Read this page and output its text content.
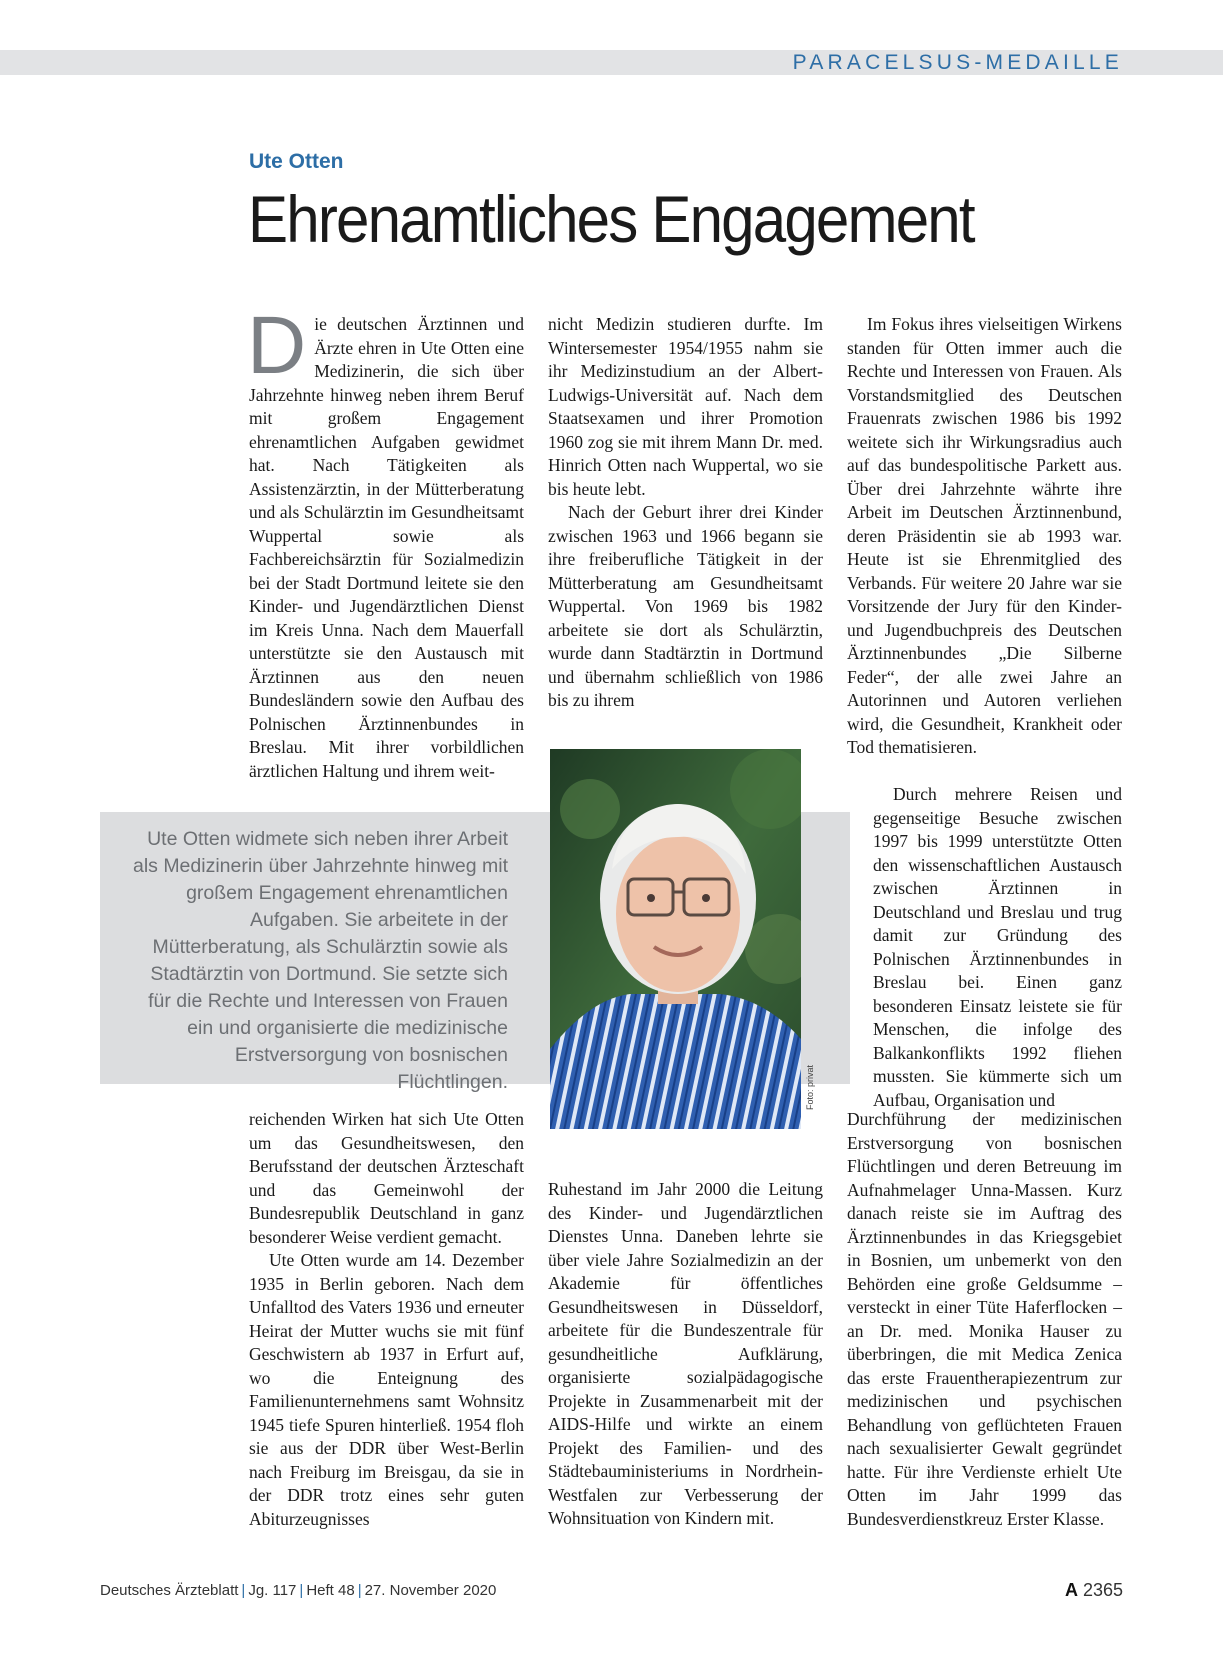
PARACELSUS-MEDAILLE
Ute Otten
Ehrenamtliches Engagement

Die deutschen Ärztinnen und Ärzte ehren in Ute Otten eine Medizinerin, die sich über Jahrzehnte hinweg neben ihrem Beruf mit großem Engagement ehrenamtlichen Aufgaben gewidmet hat. Nach Tätigkeiten als Assistenzärztin, in der Mütterberatung und als Schulärztin im Gesundheitsamt Wuppertal sowie als Fachbereichsärztin für Sozialmedizin bei der Stadt Dortmund leitete sie den Kinder- und Jugendärztlichen Dienst im Kreis Unna. Nach dem Mauerfall unterstützte sie den Austausch mit Ärztinnen aus den neuen Bundesländern sowie den Aufbau des Polnischen Ärztinnenbundes in Breslau. Mit ihrer vorbildlichen ärztlichen Haltung und ihrem weit-

reichenden Wirken hat sich Ute Otten um das Gesundheitswesen, den Berufsstand der deutschen Ärzteschaft und das Gemeinwohl der Bundesrepublik Deutschland in ganz besonderer Weise verdient gemacht.

Ute Otten wurde am 14. Dezember 1935 in Berlin geboren. Nach dem Unfalltod des Vaters 1936 und erneuter Heirat der Mutter wuchs sie mit fünf Geschwistern ab 1937 in Erfurt auf, wo die Enteignung des Familienunternehmens samt Wohnsitz 1945 tiefe Spuren hinterließ. 1954 floh sie aus der DDR über West-Berlin nach Freiburg im Breisgau, da sie in der DDR trotz eines sehr guten Abiturzeugnisses

nicht Medizin studieren durfte. Im Wintersemester 1954/1955 nahm sie ihr Medizinstudium an der Albert-Ludwigs-Universität auf. Nach dem Staatsexamen und ihrer Promotion 1960 zog sie mit ihrem Mann Dr. med. Hinrich Otten nach Wuppertal, wo sie bis heute lebt.

Nach der Geburt ihrer drei Kinder zwischen 1963 und 1966 begann sie ihre freiberufliche Tätigkeit in der Mütterberatung am Gesundheitsamt Wuppertal. Von 1969 bis 1982 arbeitete sie dort als Schulärztin, wurde dann Stadtärztin in Dortmund und übernahm schließlich von 1986 bis zu ihrem

Ruhestand im Jahr 2000 die Leitung des Kinder- und Jugendärztlichen Dienstes Unna. Daneben lehrte sie über viele Jahre Sozialmedizin an der Akademie für öffentliches Gesundheitswesen in Düsseldorf, arbeitete für die Bundeszentrale für gesundheitliche Aufklärung, organisierte sozialpädagogische Projekte in Zusammenarbeit mit der AIDS-Hilfe und wirkte an einem Projekt des Familien- und des Städtebauministeriums in Nordrhein-Westfalen zur Verbesserung der Wohnsituation von Kindern mit.

Im Fokus ihres vielseitigen Wirkens standen für Otten immer auch die Rechte und Interessen von Frauen. Als Vorstandsmitglied des Deutschen Frauenrats zwischen 1986 bis 1992 weitete sich ihr Wirkungsradius auch auf das bundespolitische Parkett aus. Über drei Jahrzehnte währte ihre Arbeit im Deutschen Ärztinnenbund, deren Präsidentin sie ab 1993 war. Heute ist sie Ehrenmitglied des Verbands. Für weitere 20 Jahre war sie Vorsitzende der Jury für den Kinder- und Jugendbuchpreis des Deutschen Ärztinnenbundes „Die Silberne Feder“, der alle zwei Jahre an Autorinnen und Autoren verliehen wird, die Gesundheit, Krankheit oder Tod thematisieren.

Durch mehrere Reisen und gegenseitige Besuche zwischen 1997 bis 1999 unterstützte Otten den wissenschaftlichen Austausch zwischen Ärztinnen in Deutschland und Breslau und trug damit zur Gründung des Polnischen Ärztinnenbundes in Breslau bei. Einen ganz besonderen Einsatz leistete sie für Menschen, die infolge des Balkankonflikts 1992 fliehen mussten. Sie kümmerte sich um Aufbau, Organisation und

Durchführung der medizinischen Erstversorgung von bosnischen Flüchtlingen und deren Betreuung im Aufnahmelager Unna-Massen. Kurz danach reiste sie im Auftrag des Ärztinnenbundes in das Kriegsgebiet in Bosnien, um unbemerkt von den Behörden eine große Geldsumme – versteckt in einer Tüte Haferflocken – an Dr. med. Monika Hauser zu überbringen, die mit Medica Zenica das erste Frauentherapiezentrum zur medizinischen und psychischen Behandlung von geflüchteten Frauen nach sexualisierter Gewalt gegründet hatte. Für ihre Verdienste erhielt Ute Otten im Jahr 1999 das Bundesverdienstkreuz Erster Klasse.

Ute Otten widmete sich neben ihrer Arbeit als Medizinerin über Jahrzehnte hinweg mit großem Engagement ehrenamtlichen Aufgaben. Sie arbeitete in der Mütterberatung, als Schulärztin sowie als Stadtärztin von Dortmund. Sie setzte sich für die Rechte und Interessen von Frauen ein und organisierte die medizinische Erstversorgung von bosnischen Flüchtlingen.	Foto: privat
Deutsches Ärzteblatt | Jg. 117 | Heft 48 | 27. November 2020	A 2365
